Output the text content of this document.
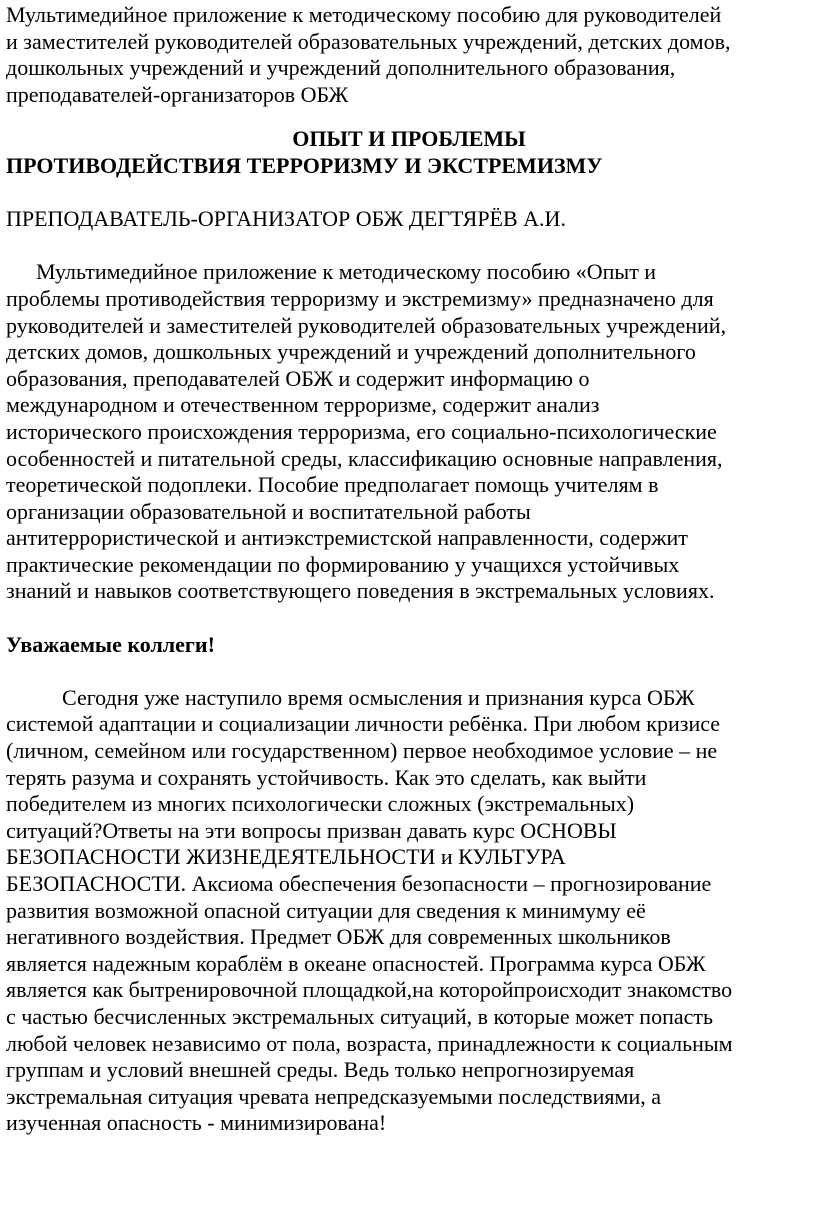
Мультимедийное приложение к методическому пособию для руководителей
и заместителей руководителей образовательных учреждений, детских домов,
дошкольных учреждений и учреждений дополнительного образования,
преподавателей-организаторов ОБЖ
ОПЫТ И ПРОБЛЕМЫ
ПРОТИВОДЕЙСТВИЯ ТЕРРОРИЗМУ И ЭКСТРЕМИЗМУ
ПРЕПОДАВАТЕЛЬ-ОРГАНИЗАТОР ОБЖ ДЕГТЯРЁВ А.И.
Мультимедийное приложение к методическому пособию «Опыт и
проблемы противодействия терроризму и экстремизму» предназначено для
руководителей и заместителей руководителей образовательных учреждений,
детских домов, дошкольных учреждений и учреждений дополнительного
образования, преподавателей ОБЖ и содержит информацию о
международном и отечественном терроризме, содержит анализ
исторического происхождения терроризма, его социально-психологические
особенностей и питательной среды, классификацию основные направления,
теоретической подоплеки. Пособие предполагает помощь учителям в
организации образовательной и воспитательной работы
антитеррористической и антиэкстремистской направленности, содержит
практические рекомендации по формированию у учащихся устойчивых
знаний и навыков соответствующего поведения в экстремальных условиях.
Уважаемые коллеги!
Сегодня уже наступило время осмысления и признания курса ОБЖ
системой адаптации и социализации личности ребёнка. При любом кризисе
(личном, семейном или государственном) первое необходимое условие – не
терять разума и сохранять устойчивость. Как это сделать, как выйти
победителем из многих психологически сложных (экстремальных)
ситуаций?Ответы на эти вопросы призван давать курс ОСНОВЫ
БЕЗОПАСНОСТИ ЖИЗНЕДЕЯТЕЛЬНОСТИ и КУЛЬТУРА
БЕЗОПАСНОСТИ. Аксиома обеспечения безопасности – прогнозирование
развития возможной опасной ситуации для сведения к минимуму её
негативного воздействия. Предмет ОБЖ для современных школьников
является надежным кораблём в океане опасностей. Программа курса ОБЖ
является как бытренировочной площадкой,на которойпроисходит знакомство
с частью бесчисленных экстремальных ситуаций, в которые может попасть
любой человек независимо от пола, возраста, принадлежности к социальным
группам и условий внешней среды. Ведь только непрогнозируемая
экстремальная ситуация чревата непредсказуемыми последствиями, а
изученная опасность - минимизирована!
